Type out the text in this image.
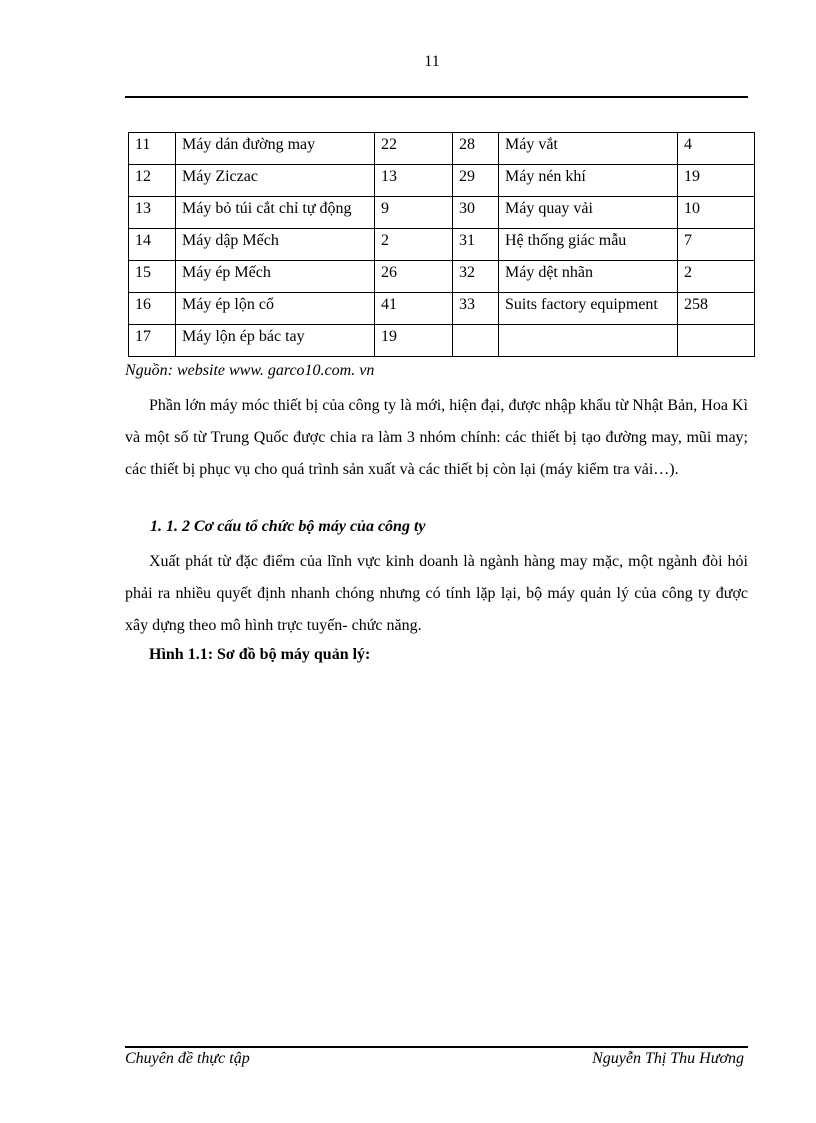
11
11	Máy dán đường may	22	28	Máy vắt	4
12	Máy Ziczac	13	29	Máy nén khí	19
13	Máy bỏ túi cắt chỉ tự động	9	30	Máy quay vải	10
14	Máy dập Mếch	2	31	Hệ thống giác mẫu	7
15	Máy ép Mếch	26	32	Máy dệt nhãn	2
16	Máy ép lộn cổ	41	33	Suits factory equipment	258
17	Máy lộn ép bác tay	19			
Nguồn: website www. garco10.com. vn
Phần lớn máy móc thiết bị của công ty là mới, hiện đại, được nhập khẩu từ Nhật Bản, Hoa Kì và một số từ Trung Quốc được chia ra làm 3 nhóm chính: các thiết bị tạo đường may, mũi may; các thiết bị phục vụ cho quá trình sản xuất và các thiết bị còn lại (máy kiểm tra vải…).
1. 1. 2 Cơ cấu tổ chức bộ máy của công ty
Xuất phát từ đặc điểm của lĩnh vực kinh doanh là ngành hàng may mặc, một ngành đòi hỏi phải ra nhiều quyết định nhanh chóng nhưng có tính lặp lại, bộ máy quản lý của công ty được xây dựng theo mô hình trực tuyến- chức năng.
Hình 1.1: Sơ đồ bộ máy quản lý:
Chuyên đề thực tập	Nguyễn Thị Thu Hương
